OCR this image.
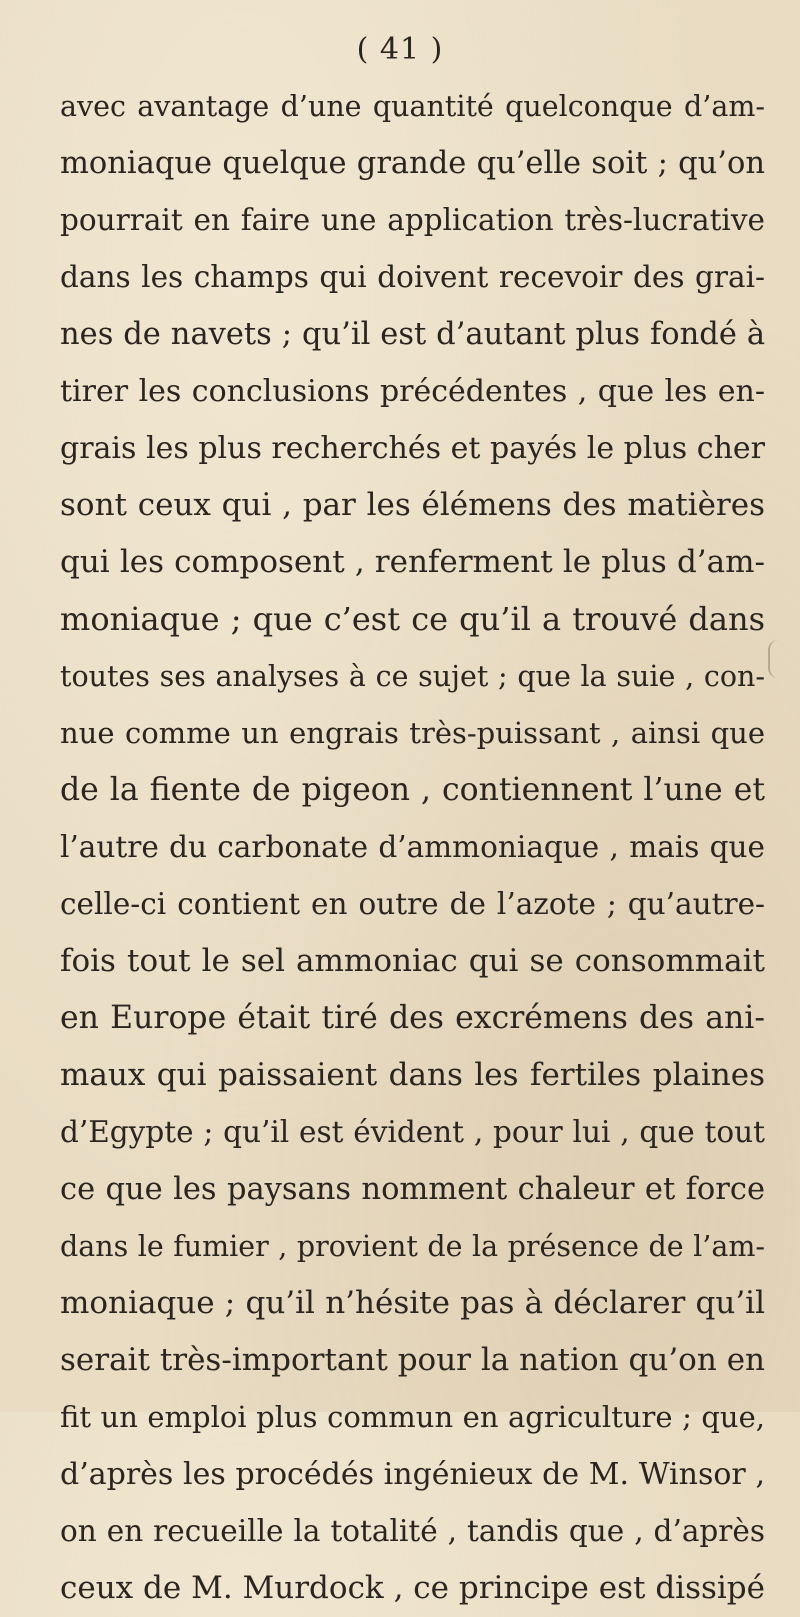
( 41 )
avec avantage d’une quantité quelconque d’am-
moniaque quelque grande qu’elle soit ; qu’on
pourrait en faire une application très-lucrative
dans les champs qui doivent recevoir des grai-
nes de navets ; qu’il est d’autant plus fondé à
tirer les conclusions précédentes , que les en-
grais les plus recherchés et payés le plus cher
sont ceux qui , par les élémens des matières
qui les composent , renferment le plus d’am-
moniaque ; que c’est ce qu’il a trouvé dans
toutes ses analyses à ce sujet ; que la suie , con-
nue comme un engrais très-puissant , ainsi que
de la fiente de pigeon , contiennent l’une et
l’autre du carbonate d’ammoniaque , mais que
celle-ci contient en outre de l’azote ; qu’autre-
fois tout le sel ammoniac qui se consommait
en Europe était tiré des excrémens des ani-
maux qui paissaient dans les fertiles plaines
d’Egypte ; qu’il est évident , pour lui , que tout
ce que les paysans nomment chaleur et force
dans le fumier , provient de la présence de l’am-
moniaque ; qu’il n’hésite pas à déclarer qu’il
serait très-important pour la nation qu’on en
fit un emploi plus commun en agriculture ; que,
d’après les procédés ingénieux de M. Winsor ,
on en recueille la totalité , tandis que , d’après
ceux de M. Murdock , ce principe est dissipé
